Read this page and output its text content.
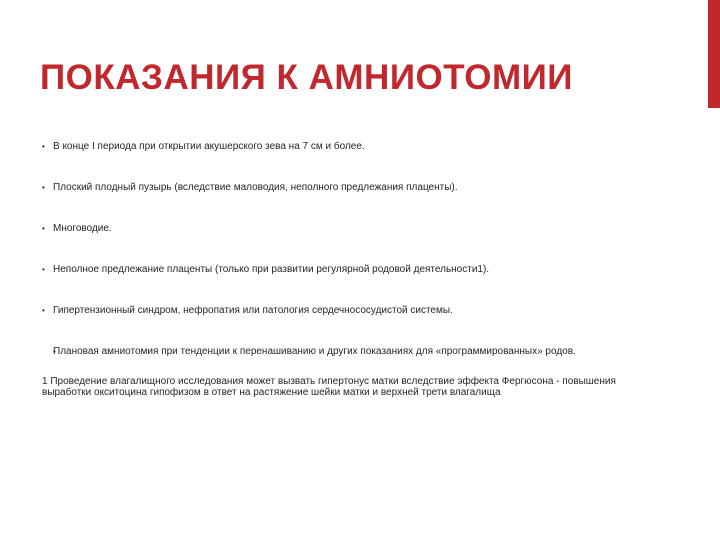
ПОКАЗАНИЯ К АМНИОТОМИИ
• В конце I периода при открытии акушерского зева на 7 см и более.
• Плоский плодный пузырь (вследствие маловодия, неполного предлежания плаценты).
• Многоводие.
• Неполное предлежание плаценты (только при развитии регулярной родовой деятельности1).
• Гипертензионный синдром, нефропатия или патология сердечнососудистой системы.
• Плановая амниотомия при тенденции к перенашиванию и других показаниях для «программированных» родов.

1 Проведение влагалищного исследования может вызвать гипертонус матки вследствие эффекта Фергюсона - повышения выработки окситоцина гипофизом в ответ на растяжение шейки матки и верхней трети влагалища
